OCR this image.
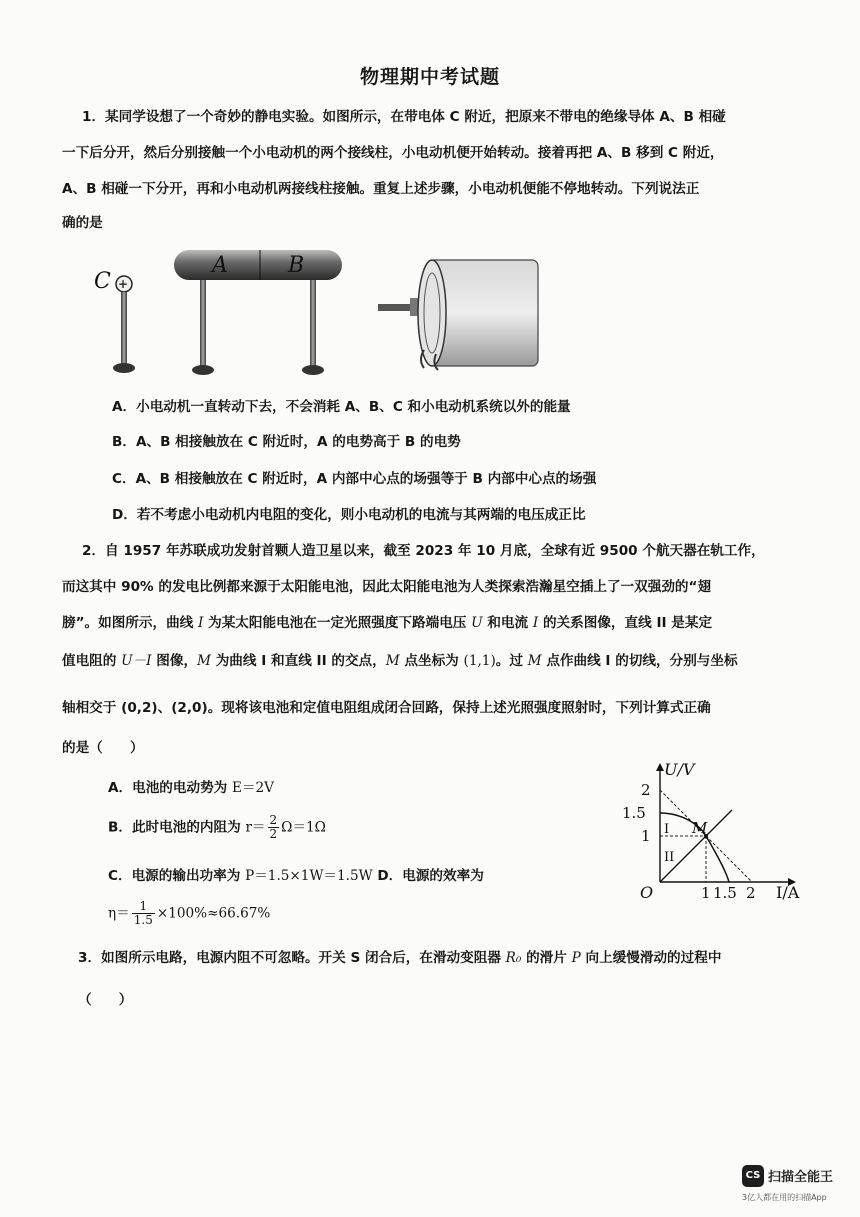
物理期中考试题
1．某同学设想了一个奇妙的静电实验。如图所示，在带电体 C 附近，把原来不带电的绝缘导体 A、B 相碰
一下后分开，然后分别接触一个小电动机的两个接线柱，小电动机便开始转动。接着再把 A、B 移到 C 附近，
A、B 相碰一下分开，再和小电动机两接线柱接触。重复上述步骤，小电动机便能不停地转动。下列说法正
确的是
+
C
A	B
A．小电动机一直转动下去，不会消耗 A、B、C 和小电动机系统以外的能量
B．A、B 相接触放在 C 附近时，A 的电势高于 B 的电势
C．A、B 相接触放在 C 附近时，A 内部中心点的场强等于 B 内部中心点的场强
D．若不考虑小电动机内电阻的变化，则小电动机的电流与其两端的电压成正比
2．自 1957 年苏联成功发射首颗人造卫星以来，截至 2023 年 10 月底，全球有近 9500 个航天器在轨工作，
而这其中 90% 的发电比例都来源于太阳能电池，因此太阳能电池为人类探索浩瀚星空插上了一双强劲的“翅
膀”。如图所示，曲线 I 为某太阳能电池在一定光照强度下路端电压 U 和电流 I 的关系图像，直线 II 是某定
值电阻的 U－I 图像，M 为曲线 I 和直线 II 的交点，M 点坐标为 (1,1)。过 M 点作曲线 I 的切线，分别与坐标
轴相交于 (0,2)、(2,0)。现将该电池和定值电阻组成闭合回路，保持上述光照强度照射时，下列计算式正确
的是（　　）
A．电池的电动势为 E＝2V
B．此时电池的内阻为 $r= \frac{2}{2} \Omega=1\Omega$
C．电源的输出功率为 P＝1.5×1W＝1.5W D．电源的效率为
$\eta= \frac{1}{1.5} \times 100\%\approx 66.67\%$
U/V
I/A
O
2
1.5
1
1 1.5 2
M
I
II
3．如图所示电路，电源内阻不可忽略。开关 S 闭合后，在滑动变阻器 R₀ 的滑片 P 向上缓慢滑动的过程中
（　　）
CS 扫描全能王
3亿人都在用的扫描App
